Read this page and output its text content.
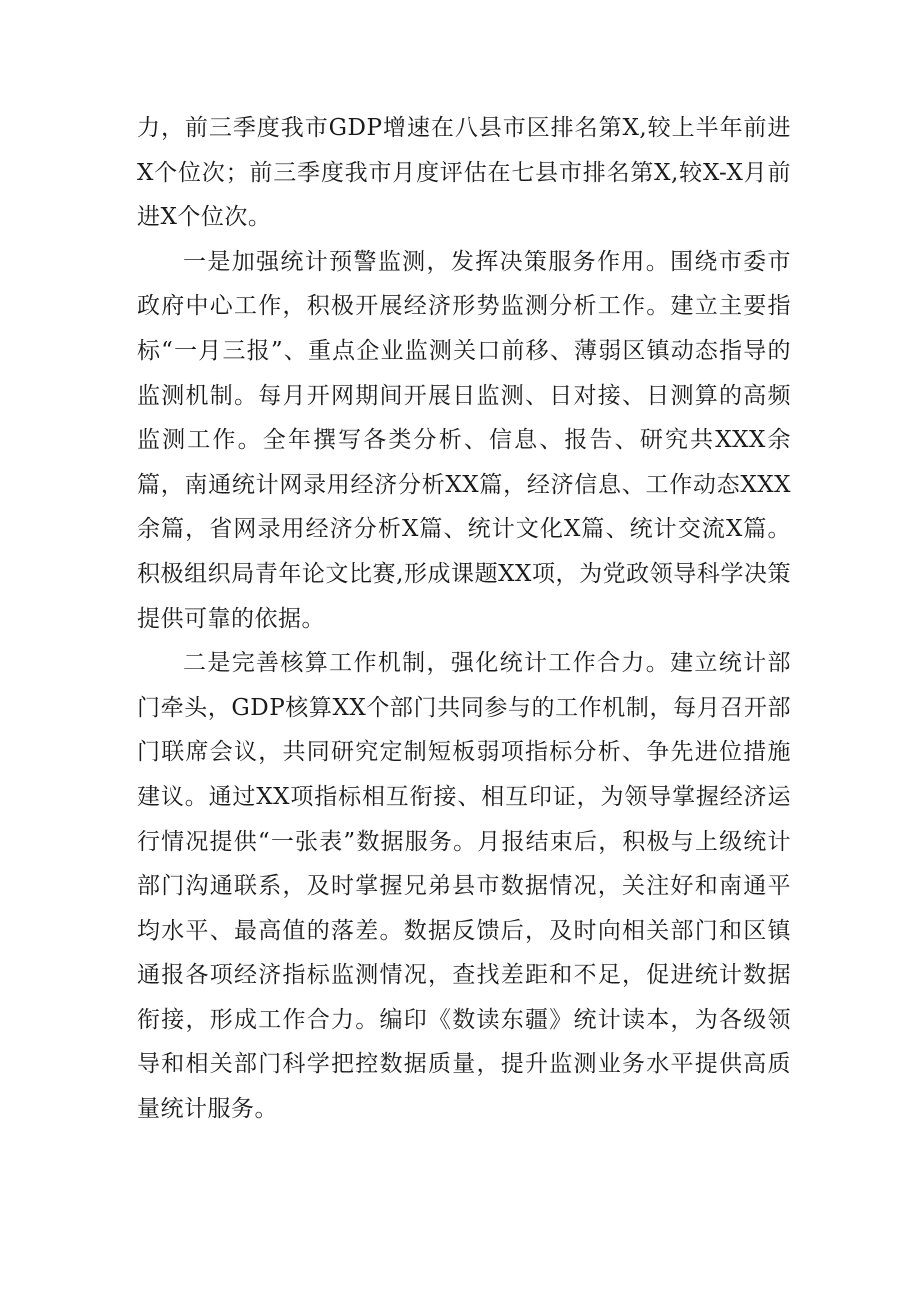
力，前三季度我市GDP增速在八县市区排名第X,较上半年前进X个位次；前三季度我市月度评估在七县市排名第X,较X-X月前进X个位次。

一是加强统计预警监测，发挥决策服务作用。围绕市委市政府中心工作，积极开展经济形势监测分析工作。建立主要指标“一月三报”、重点企业监测关口前移、薄弱区镇动态指导的监测机制。每月开网期间开展日监测、日对接、日测算的高频监测工作。全年撰写各类分析、信息、报告、研究共XXX余篇，南通统计网录用经济分析XX篇，经济信息、工作动态XXX余篇，省网录用经济分析X篇、统计文化X篇、统计交流X篇。积极组织局青年论文比赛,形成课题XX项，为党政领导科学决策提供可靠的依据。

二是完善核算工作机制，强化统计工作合力。建立统计部门牵头，GDP核算XX个部门共同参与的工作机制，每月召开部门联席会议，共同研究定制短板弱项指标分析、争先进位措施建议。通过XX项指标相互衔接、相互印证，为领导掌握经济运行情况提供“一张表”数据服务。月报结束后，积极与上级统计部门沟通联系，及时掌握兄弟县市数据情况，关注好和南通平均水平、最高值的落差。数据反馈后，及时向相关部门和区镇通报各项经济指标监测情况，查找差距和不足，促进统计数据衔接，形成工作合力。编印《数读东疆》统计读本，为各级领导和相关部门科学把控数据质量，提升监测业务水平提供高质量统计服务。
